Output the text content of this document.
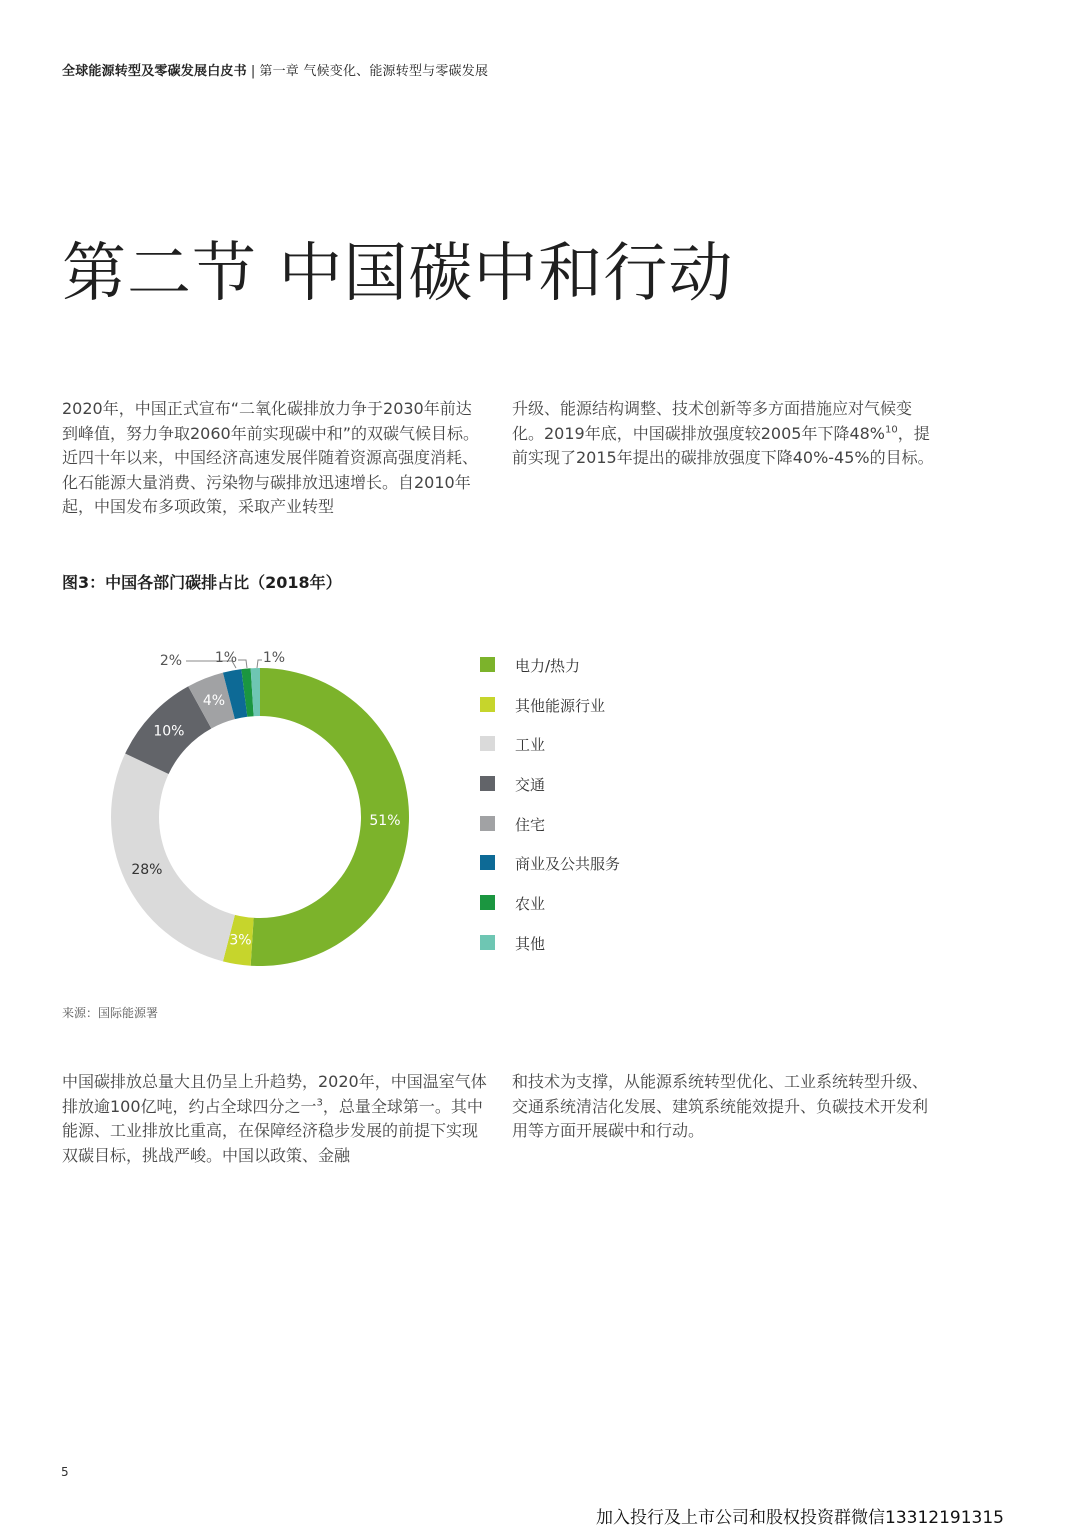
全球能源转型及零碳发展白皮书 | 第一章 气候变化、能源转型与零碳发展
第二节 中国碳中和行动

2020年，中国正式宣布“二氧化碳排放力争于2030年前达到峰值，努力争取2060年前实现碳中和”的双碳气候目标。近四十年以来，中国经济高速发展伴随着资源高强度消耗、化石能源大量消费、污染物与碳排放迅速增长。自2010年起，中国发布多项政策，采取产业转型

升级、能源结构调整、技术创新等多方面措施应对气候变化。2019年底，中国碳排放强度较2005年下降48%$^{10}$，提前实现了2015年提出的碳排放强度下降40%-45%的目标。

图3：中国各部门碳排占比（2018年）
51%
3%
28%
10%
4%
2% 1% 1%	电力/热力
其他能源行业
工业
交通
住宅
商业及公共服务
农业
其他
来源：国际能源署

中国碳排放总量大且仍呈上升趋势，2020年，中国温室气体排放逾100亿吨，约占全球四分之一$^3$，总量全球第一。其中能源、工业排放比重高，在保障经济稳步发展的前提下实现双碳目标，挑战严峻。中国以政策、金融

和技术为支撑，从能源系统转型优化、工业系统转型升级、交通系统清洁化发展、建筑系统能效提升、负碳技术开发利用等方面开展碳中和行动。

5
加入投行及上市公司和股权投资群微信13312191315
